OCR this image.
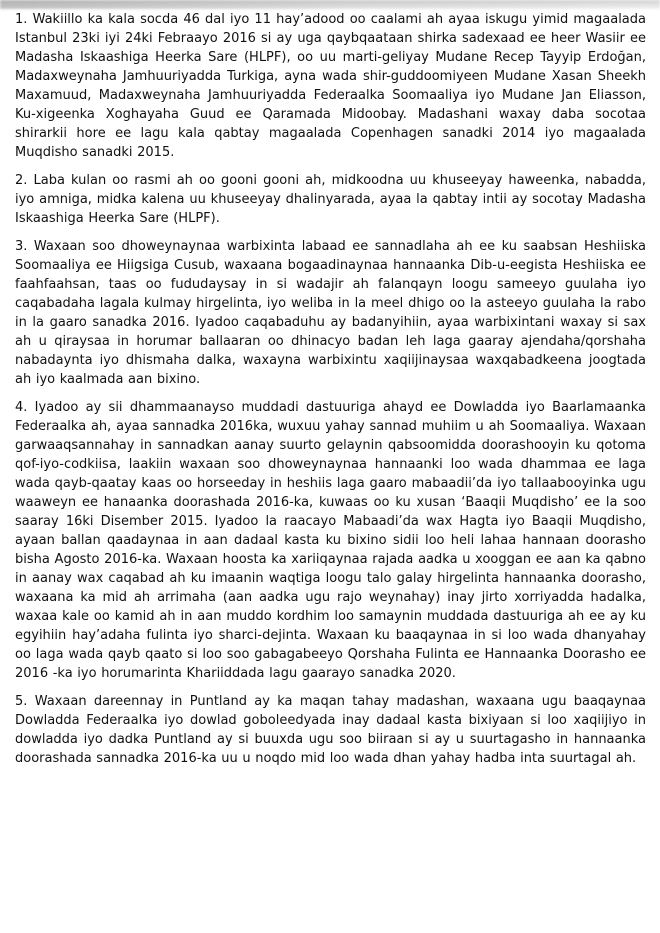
1. Wakiillo ka kala socda 46 dal iyo 11 hay’adood oo caalami ah ayaa iskugu yimid magaalada Istanbul 23ki iyi 24ki Febraayo 2016 si ay uga qaybqaataan shirka sadexaad ee heer Wasiir ee Madasha Iskaashiga Heerka Sare (HLPF), oo uu marti-geliyay Mudane Recep Tayyip Erdoğan, Madaxweynaha Jamhuuriyadda Turkiga, ayna wada shir-guddoomiyeen Mudane Xasan Sheekh Maxamuud, Madaxweynaha Jamhuuriyadda Federaalka Soomaaliya iyo Mudane Jan Eliasson, Ku-xigeenka Xoghayaha Guud ee Qaramada Midoobay. Madashani waxay daba socotaa shirarkii hore ee lagu kala qabtay magaalada Copenhagen sanadki 2014 iyo magaalada Muqdisho sanadki 2015.

2. Laba kulan oo rasmi ah oo gooni gooni ah, midkoodna uu khuseeyay haweenka, nabadda, iyo amniga, midka kalena uu khuseeyay dhalinyarada, ayaa la qabtay intii ay socotay Madasha Iskaashiga Heerka Sare (HLPF).

3. Waxaan soo dhoweynaynaa warbixinta labaad ee sannadlaha ah ee ku saabsan Heshiiska Soomaaliya ee Hiigsiga Cusub, waxaana bogaadinaynaa hannaanka Dib-u-eegista Heshiiska ee faahfaahsan, taas oo fududaysay in si wadajir ah falanqayn loogu sameeyo guulaha iyo caqabadaha lagala kulmay hirgelinta, iyo weliba in la meel dhigo oo la asteeyo guulaha la rabo in la gaaro sanadka 2016. Iyadoo caqabaduhu ay badanyihiin, ayaa warbixintani waxay si sax ah u qiraysaa in horumar ballaaran oo dhinacyo badan leh laga gaaray ajendaha/qorshaha nabadaynta iyo dhismaha dalka, waxayna warbixintu xaqiijinaysaa waxqabadkeena joogtada ah iyo kaalmada aan bixino.

4. Iyadoo ay sii dhammaanayso muddadi dastuuriga ahayd ee Dowladda iyo Baarlamaanka Federaalka ah, ayaa sannadka 2016ka, wuxuu yahay sannad muhiim u ah Soomaaliya. Waxaan garwaaqsannahay in sannadkan aanay suurto gelaynin qabsoomidda doorashooyin ku qotoma qof-iyo-codkiisa, laakiin waxaan soo dhoweynaynaa hannaanki loo wada dhammaa ee laga wada qayb-qaatay kaas oo horseeday in heshiis laga gaaro mabaadii’da iyo tallaabooyinka ugu waaweyn ee hanaanka doorashada 2016-ka, kuwaas oo ku xusan ‘Baaqii Muqdisho’ ee la soo saaray 16ki Disember 2015. Iyadoo la raacayo Mabaadi’da wax Hagta iyo Baaqii Muqdisho, ayaan ballan qaadaynaa in aan dadaal kasta ku bixino sidii loo heli lahaa hannaan doorasho bisha Agosto 2016-ka. Waxaan hoosta ka xariiqaynaa rajada aadka u xooggan ee aan ka qabno in aanay wax caqabad ah ku imaanin waqtiga loogu talo galay hirgelinta hannaanka doorasho, waxaana ka mid ah arrimaha (aan aadka ugu rajo weynahay) inay jirto xorriyadda hadalka, waxaa kale oo kamid ah in aan muddo kordhim loo samaynin muddada dastuuriga ah ee ay ku egyihiin hay’adaha fulinta iyo sharci-dejinta. Waxaan ku baaqaynaa in si loo wada dhanyahay oo laga wada qayb qaato si loo soo gabagabeeyo Qorshaha Fulinta ee Hannaanka Doorasho ee 2016 -ka iyo horumarinta Khariiddada lagu gaarayo sanadka 2020.

5. Waxaan dareennay in Puntland ay ka maqan tahay madashan, waxaana ugu baaqaynaa Dowladda Federaalka iyo dowlad goboleedyada inay dadaal kasta bixiyaan si loo xaqiijiyo in dowladda iyo dadka Puntland ay si buuxda ugu soo biiraan si ay u suurtagasho in hannaanka doorashada sannadka 2016-ka uu u noqdo mid loo wada dhan yahay hadba inta suurtagal ah.
